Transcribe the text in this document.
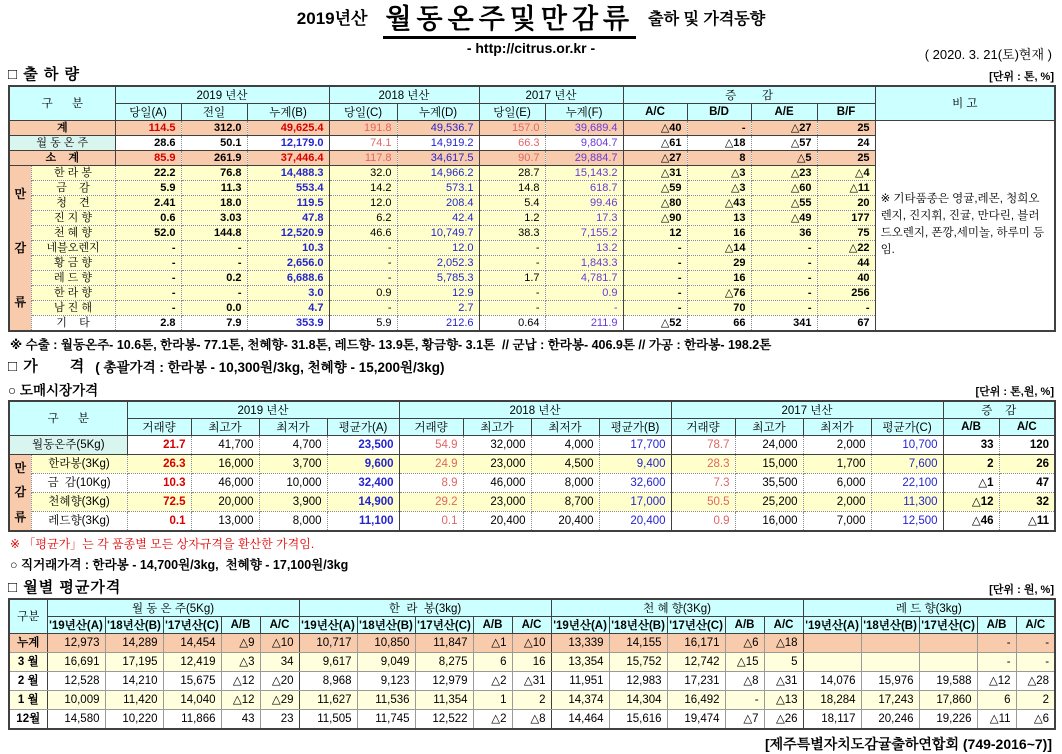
2019년산 월동온주및만감류 출하 및 가격동향
- http://citrus.or.kr -	( 2020. 3. 21(토)현재 )
□ 출 하 량	[단위 : 톤, %]
구      분		2019 년산			2018 년산		2017 년산		증        감				비 고
		당일(A)	전일	누계(B)	당일(C)	누계(D)	당일(E)	누계(F)	A/C	B/D	A/E	B/F	
계		114.5	312.0	49,625.4	191.8	49,536.7	157.0	39,689.4	△40	-	△27	25	※ 기타품종은 영귤,레몬, 청희오렌지, 진지휘, 진귤, 만다린, 블러드오렌지, 폰깡,세미놀, 하루미 등 임.
월 동 온 주		28.6	50.1	12,179.0	74.1	14,919.2	66.3	9,804.7	△61	△18	△57	24	
소    계		85.9	261.9	37,446.4	117.8	34,617.5	90.7	29,884.7	△27	8	△5	25	

만
감
류	한 라 봉	22.2	76.8	14,488.3	32.0	14,966.2	28.7	15,143.2	△31	△3	△23	△4	
	금    감	5.9	11.3	553.4	14.2	573.1	14.8	618.7	△59	△3	△60	△11	
	청    견	2.41	18.0	119.5	12.0	208.4	5.4	99.46	△80	△43	△55	20	
	진 지 향	0.6	3.03	47.8	6.2	42.4	1.2	17.3	△90	13	△49	177	
	천 혜 향	52.0	144.8	12,520.9	46.6	10,749.7	38.3	7,155.2	12	16	36	75	
	네블오렌지	-	-	10.3	-	12.0	-	13.2	-	△14	-	△22	
	황 금 향	-	-	2,656.0	-	2,052.3	-	1,843.3	-	29	-	44	
	레 드 향	-	0.2	6,688.6	-	5,785.3	1.7	4,781.7	-	16	-	40	
	한 라 향	-	-	3.0	0.9	12.9	-	0.9	-	△76	-	256	
	남 진 해	-	0.0	4.7	-	2.7	-	-	-	70	-	-	
	기    타	2.8	7.9	353.9	5.9	212.6	0.64	211.9	△52	66	341	67	
※ 수출 : 월동온주- 10.6톤, 한라봉- 77.1톤, 천혜향- 31.8톤, 레드향- 13.9톤, 황금향- 3.1톤  // 군납 : 한라봉- 406.9톤 // 가공 : 한라봉- 198.2톤
□ 가      격 ( 총괄가격 : 한라봉 - 10,300원/3kg, 천혜향 - 15,200원/3kg)
○ 도매시장가격	[단위 : 톤,원, %]
구      분		2019 년산				2018 년산				2017 년산				증    감	
		거래량	최고가	최저가	평균가(A)	거래량	최고가	최저가	평균가(B)	거래량	최고가	최저가	평균가(C)	A/B	A/C
월동온주(5Kg)		21.7	41,700	4,700	23,500	54.9	32,000	4,000	17,700	78.7	24,000	2,000	10,700	33	120

만
감
류	한라봉(3Kg)	26.3	16,000	3,700	9,600	24.9	23,000	4,500	9,400	28.3	15,000	1,700	7,600	2	26
	금  감(10Kg)	10.3	46,000	10,000	32,400	8.9	46,000	8,000	32,600	7.3	35,500	6,000	22,100	△1	47
	천혜향(3Kg)	72.5	20,000	3,900	14,900	29.2	23,000	8,700	17,000	50.5	25,200	2,000	11,300	△12	32
	레드향(3Kg)	0.1	13,000	8,000	11,100	0.1	20,400	20,400	20,400	0.9	16,000	7,000	12,500	△46	△11
※ 「평균가」는 각 품종별 모든 상자규격을 환산한 가격임.
○ 직거래가격 : 한라봉 - 14,700원/3kg,  천혜향 - 17,100원/3kg
□ 월별 평균가격	[단위 : 원, %]
구분	월 동 온 주(5Kg)					한  라  봉(3kg)					천 혜 향(3Kg)					레 드 향(3kg)				
	'19년산(A)	'18년산(B)	'17년산(C)	A/B	A/C	'19년산(A)	'18년산(B)	'17년산(C)	A/B	A/C	'19년산(A)	'18년산(B)	'17년산(C)	A/B	A/C	'19년산(A)	'18년산(B)	'17년산(C)	A/B	A/C
누계	12,973	14,289	14,454	△9	△10	10,717	10,850	11,847	△1	△10	13,339	14,155	16,171	△6	△18				-	-
3 월	16,691	17,195	12,419	△3	34	9,617	9,049	8,275	6	16	13,354	15,752	12,742	△15	5				-	-
2 월	12,528	14,210	15,675	△12	△20	8,968	9,123	12,979	△2	△31	11,951	12,983	17,231	△8	△31	14,076	15,976	19,588	△12	△28
1 월	10,009	11,420	14,040	△12	△29	11,627	11,536	11,354	1	2	14,374	14,304	16,492	-	△13	18,284	17,243	17,860	6	2
12월	14,580	10,220	11,866	43	23	11,505	11,745	12,522	△2	△8	14,464	15,616	19,474	△7	△26	18,117	20,246	19,226	△11	△6
[제주특별자치도감귤출하연합회 (749-2016~7)]
